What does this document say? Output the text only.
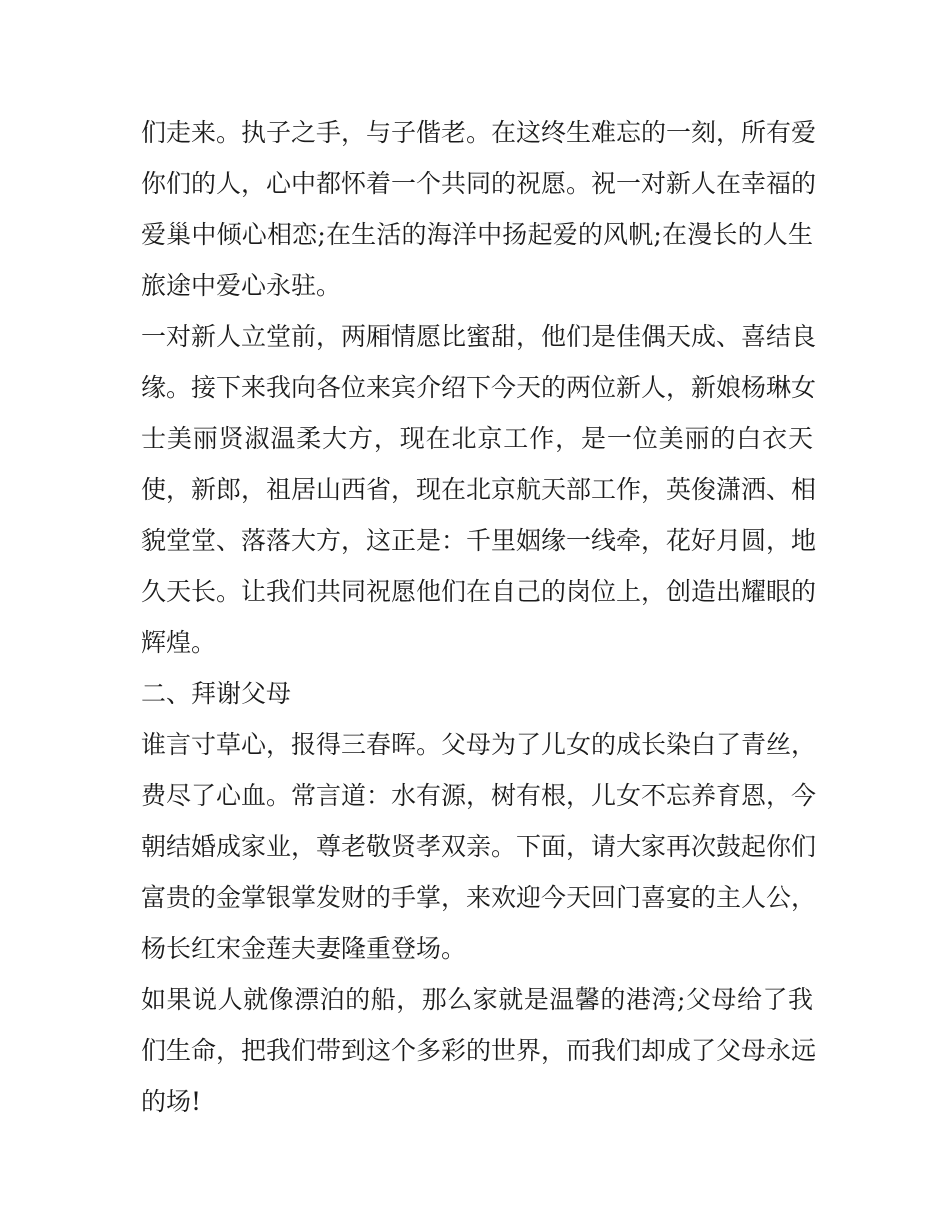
们走来。执子之手，与子偕老。在这终生难忘的一刻，所有爱
你们的人，心中都怀着一个共同的祝愿。祝一对新人在幸福的
爱巢中倾心相恋;在生活的海洋中扬起爱的风帆;在漫长的人生
旅途中爱心永驻。
一对新人立堂前，两厢情愿比蜜甜，他们是佳偶天成、喜结良
缘。接下来我向各位来宾介绍下今天的两位新人，新娘杨琳女
士美丽贤淑温柔大方，现在北京工作，是一位美丽的白衣天
使，新郎，祖居山西省，现在北京航天部工作，英俊潇洒、相
貌堂堂、落落大方，这正是：千里姻缘一线牵，花好月圆，地
久天长。让我们共同祝愿他们在自己的岗位上，创造出耀眼的
辉煌。
二、拜谢父母
谁言寸草心，报得三春晖。父母为了儿女的成长染白了青丝，
费尽了心血。常言道：水有源，树有根，儿女不忘养育恩，今
朝结婚成家业，尊老敬贤孝双亲。下面，请大家再次鼓起你们
富贵的金掌银掌发财的手掌，来欢迎今天回门喜宴的主人公，
杨长红宋金莲夫妻隆重登场。
如果说人就像漂泊的船，那么家就是温馨的港湾;父母给了我
们生命，把我们带到这个多彩的世界，而我们却成了父母永远
的场!
